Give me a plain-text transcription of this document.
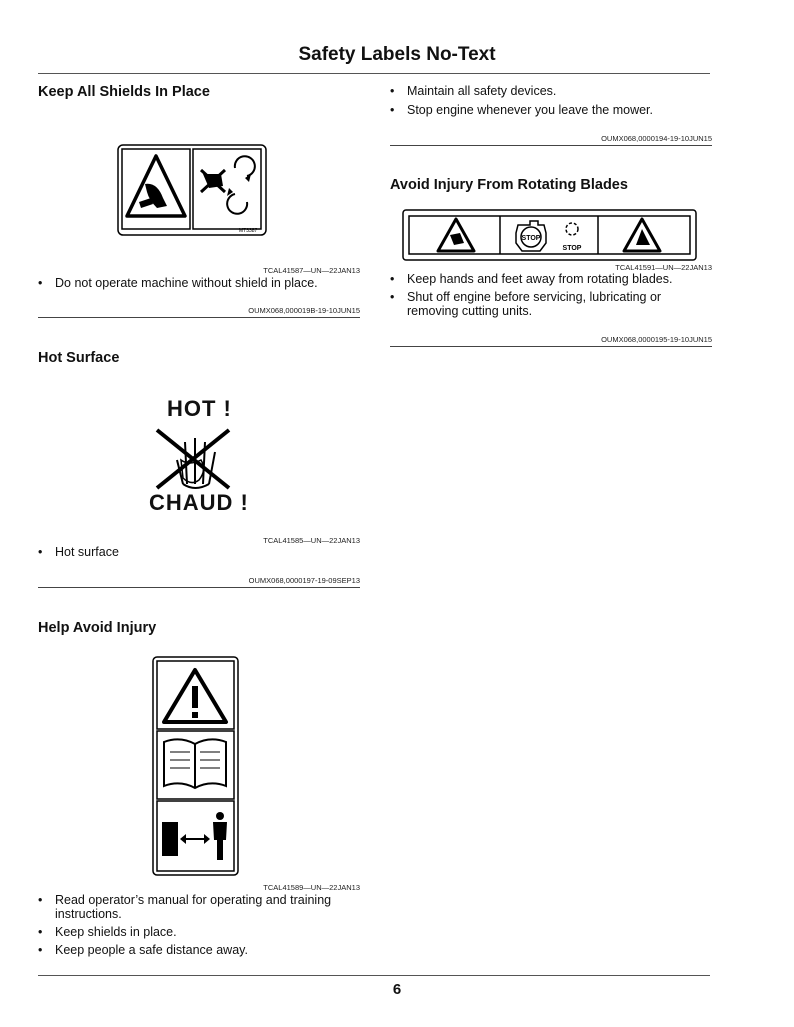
Safety Labels No-Text
Keep All Shields In Place
MT3387
TCAL41587—UN—22JAN13
• Do not operate machine without shield in place.
OUMX068,000019B-19-10JUN15
Hot Surface
HOT !
CHAUD !
TCAL41585—UN—22JAN13
• Hot surface
OUMX068,0000197-19-09SEP13
Help Avoid Injury
TCAL41589—UN—22JAN13
• Read operator’s manual for operating and training
instructions.
• Keep shields in place.
• Keep people a safe distance away.
• Maintain all safety devices.
• Stop engine whenever you leave the mower.
OUMX068,0000194-19-10JUN15
Avoid Injury From Rotating Blades
STOP
STOP
TCAL41591—UN—22JAN13
• Keep hands and feet away from rotating blades.
• Shut off engine before servicing, lubricating or
removing cutting units.
OUMX068,0000195-19-10JUN15
6
